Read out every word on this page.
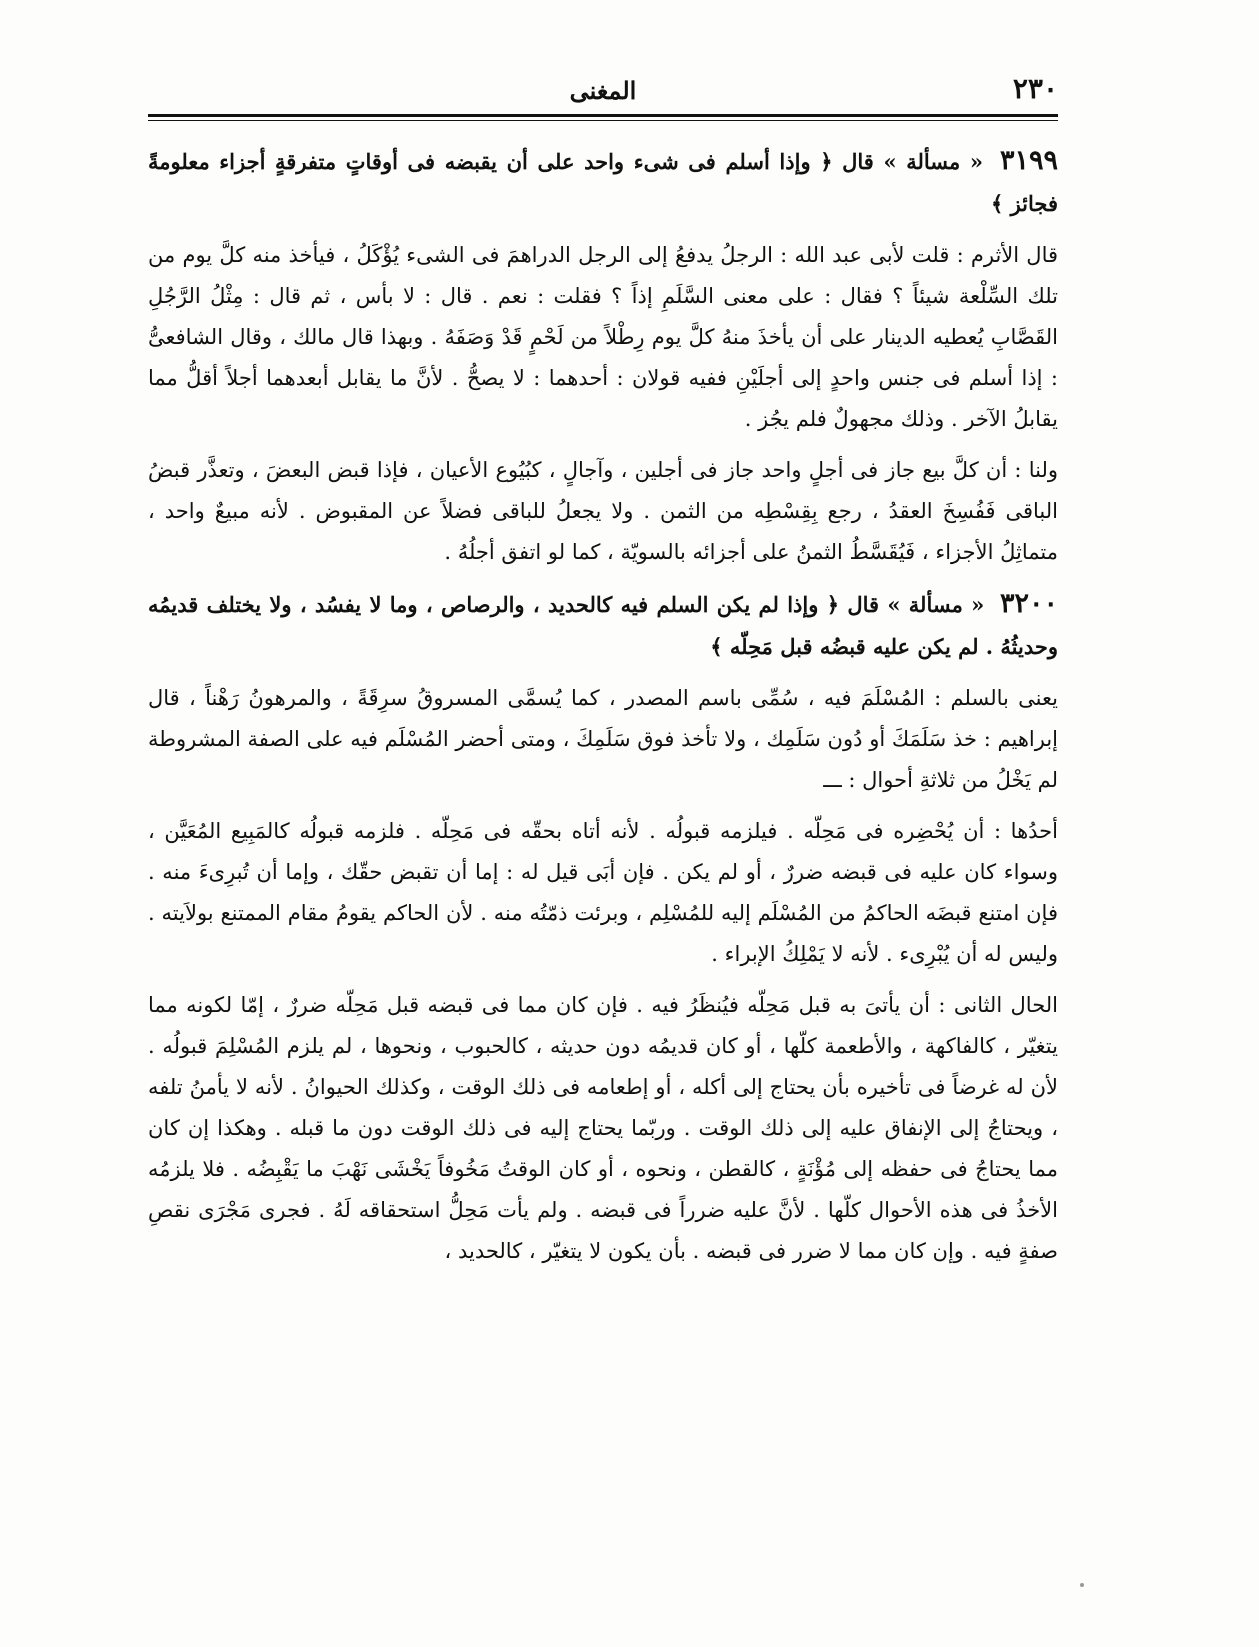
٢٣٠
المغنى

٣١٩٩ « مسألة » قال ﴿ وإذا أسلم فى شىء واحد على أن يقبضه فى أوقاتٍ متفرقةٍ أجزاء معلومةً فجائز ﴾

قال الأثرم : قلت لأبى عبد الله : الرجلُ يدفعُ إلى الرجل الدراهمَ فى الشىء يُؤْكَلُ ، فيأخذ منه كلَّ يوم من تلك السِّلْعة شيئاً ؟ فقال : على معنى السَّلَمِ إذاً ؟ فقلت : نعم . قال : لا بأس ، ثم قال : مِثْلُ الرَّجُلِ القَصَّابِ يُعطيه الدينار على أن يأخذَ منهُ كلَّ يوم رِطْلاً من لَحْمٍ قَدْ وَصَفَهُ . وبهذا قال مالك ، وقال الشافعىُّ : إذا أسلم فى جنس واحدٍ إلى أجلَيْنِ ففيه قولان : أحدهما : لا يصحُّ . لأنَّ ما يقابل أبعدهما أجلاً أقلُّ مما يقابلُ الآخر . وذلك مجهولٌ فلم يجُز .

ولنا : أن كلَّ بيع جاز فى أجلٍ واحد جاز فى أجلين ، وآجالٍ ، كبُيُوع الأعيان ، فإذا قبض البعضَ ، وتعذَّر قبضُ الباقى فَفُسِخَ العقدُ ، رجع بِقِسْطِه من الثمن . ولا يجعلُ للباقى فضلاً عن المقبوض . لأنه مبيعٌ واحد ، متماثِلُ الأجزاء ، فَيُقَسَّطُ الثمنُ على أجزائه بالسويّة ، كما لو اتفق أجلُهُ .

٣٢٠٠ « مسألة » قال ﴿ وإذا لم يكن السلم فيه كالحديد ، والرصاص ، وما لا يفسُد ، ولا يختلف قديمُه وحديثُهُ . لم يكن عليه قبضُه قبل مَحِلّه ﴾

يعنى بالسلم : المُسْلَمَ فيه ، سُمِّى باسم المصدر ، كما يُسمَّى المسروقُ سرِقَةً ، والمرهونُ رَهْناً ، قال إبراهيم : خذ سَلَمَكَ أو دُون سَلَمِك ، ولا تأخذ فوق سَلَمِكَ ، ومتى أحضر المُسْلَم فيه على الصفة المشروطة لم يَخْلُ من ثلاثةِ أحوال : ـــ

أحدُها : أن يُحْضِره فى مَحِلّه . فيلزمه قبولُه . لأنه أتاه بحقّه فى مَحِلّه . فلزمه قبولُه كالمَبِيع المُعَيَّن ، وسواء كان عليه فى قبضه ضررٌ ، أو لم يكن . فإن أبَى قيل له : إما أن تقبض حقّك ، وإما أن تُبرِىءَ منه . فإن امتنع قبضَه الحاكمُ من المُسْلَم إليه للمُسْلِم ، وبرئت ذمّتُه منه . لأن الحاكم يقومُ مقام الممتنع بولاَيته . وليس له أن يُبْرِىء . لأنه لا يَمْلِكُ الإبراء .

الحال الثانى : أن يأتىَ به قبل مَحِلّه فيُنظَرُ فيه . فإن كان مما فى قبضه قبل مَحِلّه ضررٌ ، إمّا لكونه مما يتغيّر ، كالفاكهة ، والأطعمة كلّها ، أو كان قديمُه دون حديثه ، كالحبوب ، ونحوها ، لم يلزم المُسْلِمَ قبولُه . لأن له غرضاً فى تأخيره بأن يحتاج إلى أكله ، أو إطعامه فى ذلك الوقت ، وكذلك الحيوانُ . لأنه لا يأمنُ تلفه ، ويحتاجُ إلى الإنفاق عليه إلى ذلك الوقت . وربّما يحتاج إليه فى ذلك الوقت دون ما قبله . وهكذا إن كان مما يحتاجُ فى حفظه إلى مُؤْنَةٍ ، كالقطن ، ونحوه ، أو كان الوقتُ مَخُوفاً يَخْشَى نَهْبَ ما يَقْبِضُه . فلا يلزمُه الأخذُ فى هذه الأحوال كلّها . لأنَّ عليه ضرراً فى قبضه . ولم يأت مَحِلُّ استحقاقه لَهُ . فجرى مَجْرَى نقصِ صفةٍ فيه . وإن كان مما لا ضرر فى قبضه . بأن يكون لا يتغيّر ، كالحديد ،
